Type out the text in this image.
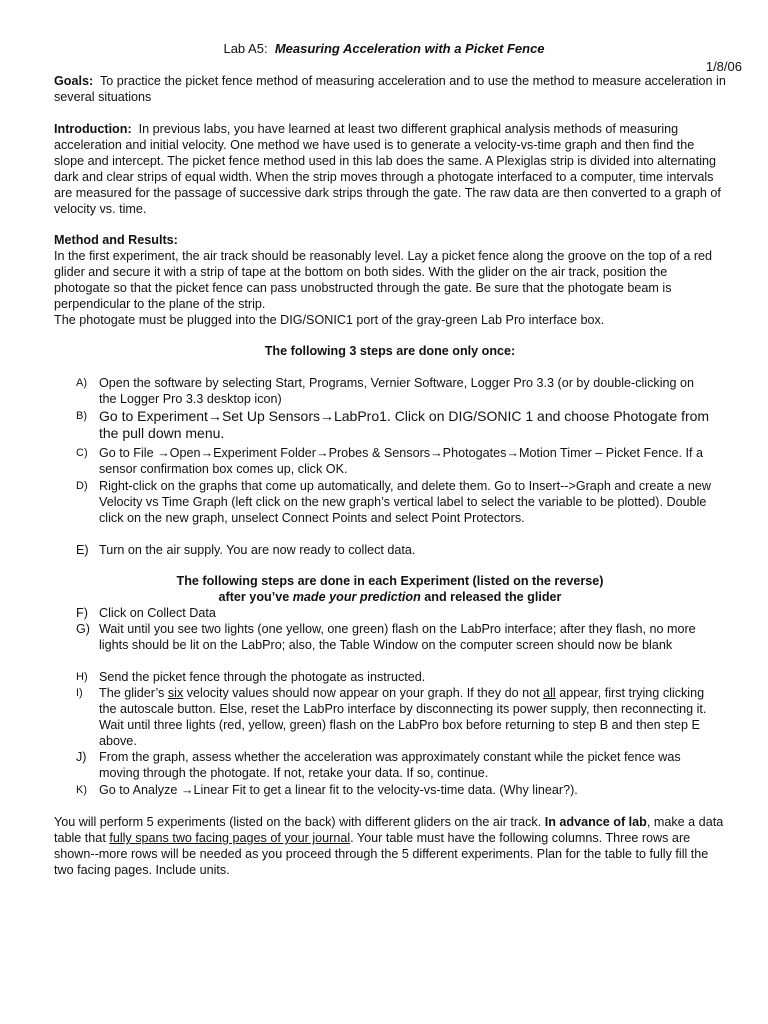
Lab A5: Measuring Acceleration with a Picket Fence
1/8/06
Goals: To practice the picket fence method of measuring acceleration and to use the method to measure acceleration in several situations
Introduction: In previous labs, you have learned at least two different graphical analysis methods of measuring acceleration and initial velocity. One method we have used is to generate a velocity-vs-time graph and then find the slope and intercept. The picket fence method used in this lab does the same. A Plexiglas strip is divided into alternating dark and clear strips of equal width. When the strip moves through a photogate interfaced to a computer, time intervals are measured for the passage of successive dark strips through the gate. The raw data are then converted to a graph of velocity vs. time.

Method and Results:

In the first experiment, the air track should be reasonably level. Lay a picket fence along the groove on the top of a red glider and secure it with a strip of tape at the bottom on both sides. With the glider on the air track, position the photogate so that the picket fence can pass unobstructed through the gate. Be sure that the photogate beam is perpendicular to the plane of the strip.

The photogate must be plugged into the DIG/SONIC1 port of the gray-green Lab Pro interface box.

The following 3 steps are done only once:
A) Open the software by selecting Start, Programs, Vernier Software, Logger Pro 3.3 (or by double-clicking on the Logger Pro 3.3 desktop icon)
B) Go to Experiment→Set Up Sensors→LabPro1. Click on DIG/SONIC 1 and choose Photogate from the pull down menu.
C) Go to File →Open→Experiment Folder→Probes & Sensors→Photogates→Motion Timer – Picket Fence. If a sensor confirmation box comes up, click OK.
D) Right-click on the graphs that come up automatically, and delete them. Go to Insert-->Graph and create a new Velocity vs Time Graph (left click on the new graph’s vertical label to select the variable to be plotted). Double click on the new graph, unselect Connect Points and select Point Protectors.
E) Turn on the air supply. You are now ready to collect data.
The following steps are done in each Experiment (listed on the reverse)
after you’ve made your prediction and released the glider
F) Click on Collect Data
G) Wait until you see two lights (one yellow, one green) flash on the LabPro interface; after they flash, no more lights should be lit on the LabPro; also, the Table Window on the computer screen should now be blank
H) Send the picket fence through the photogate as instructed.
I)	The glider’s six velocity values should now appear on your graph. If they do not all appear, first trying clicking the autoscale button. Else, reset the LabPro interface by disconnecting its power supply, then reconnecting it. Wait until three lights (red, yellow, green) flash on the LabPro box before returning to step B and then step E above.
J) From the graph, assess whether the acceleration was approximately constant while the picket fence was moving through the photogate. If not, retake your data. If so, continue.
K) Go to Analyze →Linear Fit to get a linear fit to the velocity-vs-time data. (Why linear?).
You will perform 5 experiments (listed on the back) with different gliders on the air track. In advance of lab, make a data table that fully spans two facing pages of your journal. Your table must have the following columns. Three rows are shown--more rows will be needed as you proceed through the 5 different experiments. Plan for the table to fully fill the two facing pages. Include units.
